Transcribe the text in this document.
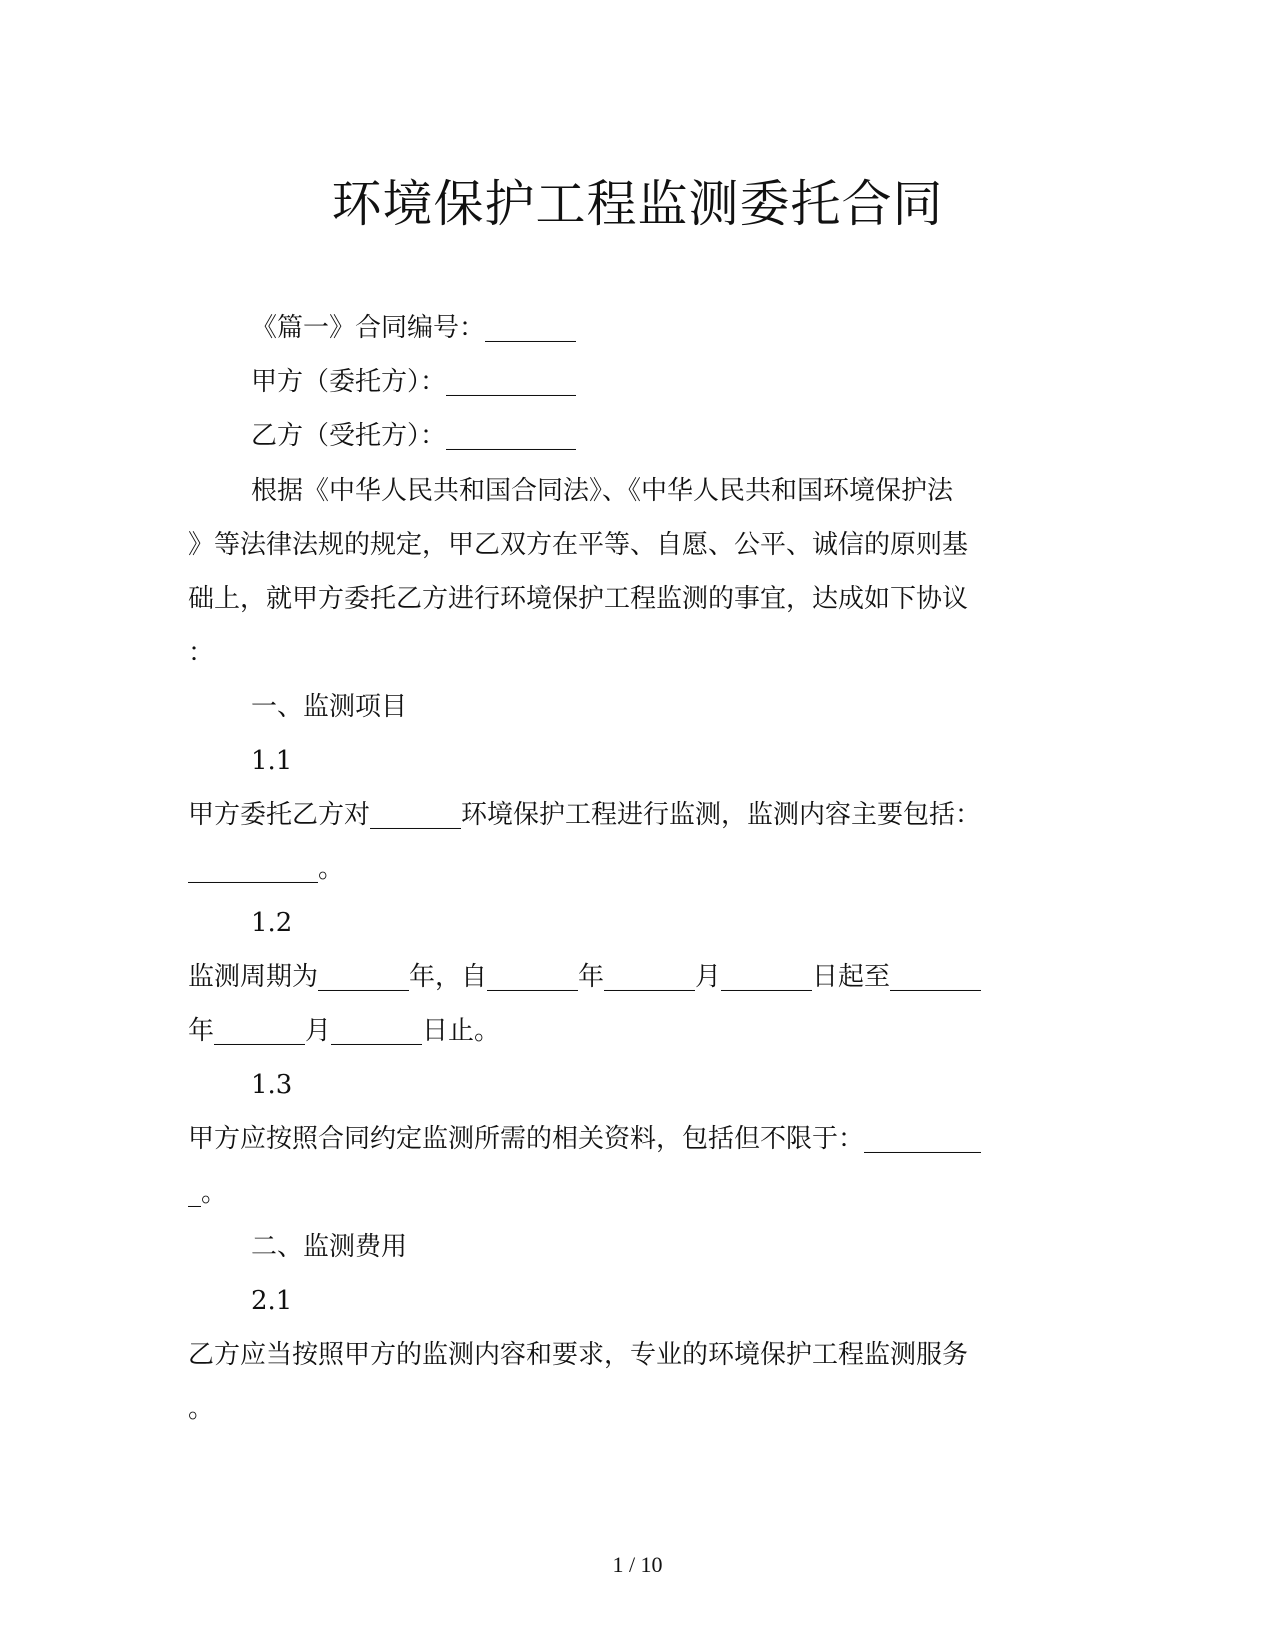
环境保护工程监测委托合同
《篇一》合同编号：_______
甲方（委托方）：__________
乙方（受托方）：__________
根据《中华人民共和国合同法》、《中华人民共和国环境保护法
》等法律法规的规定，甲乙双方在平等、自愿、公平、诚信的原则基
础上，就甲方委托乙方进行环境保护工程监测的事宜，达成如下协议
：
一、监测项目
1.1
甲方委托乙方对_______环境保护工程进行监测，监测内容主要包括：
__________。
1.2
监测周期为_______年，自_______年_______月_______日起至_______
年_______月_______日止。
1.3
甲方应按照合同约定监测所需的相关资料，包括但不限于：_________
_。
二、监测费用
2.1
乙方应当按照甲方的监测内容和要求，专业的环境保护工程监测服务
。
1 / 10
